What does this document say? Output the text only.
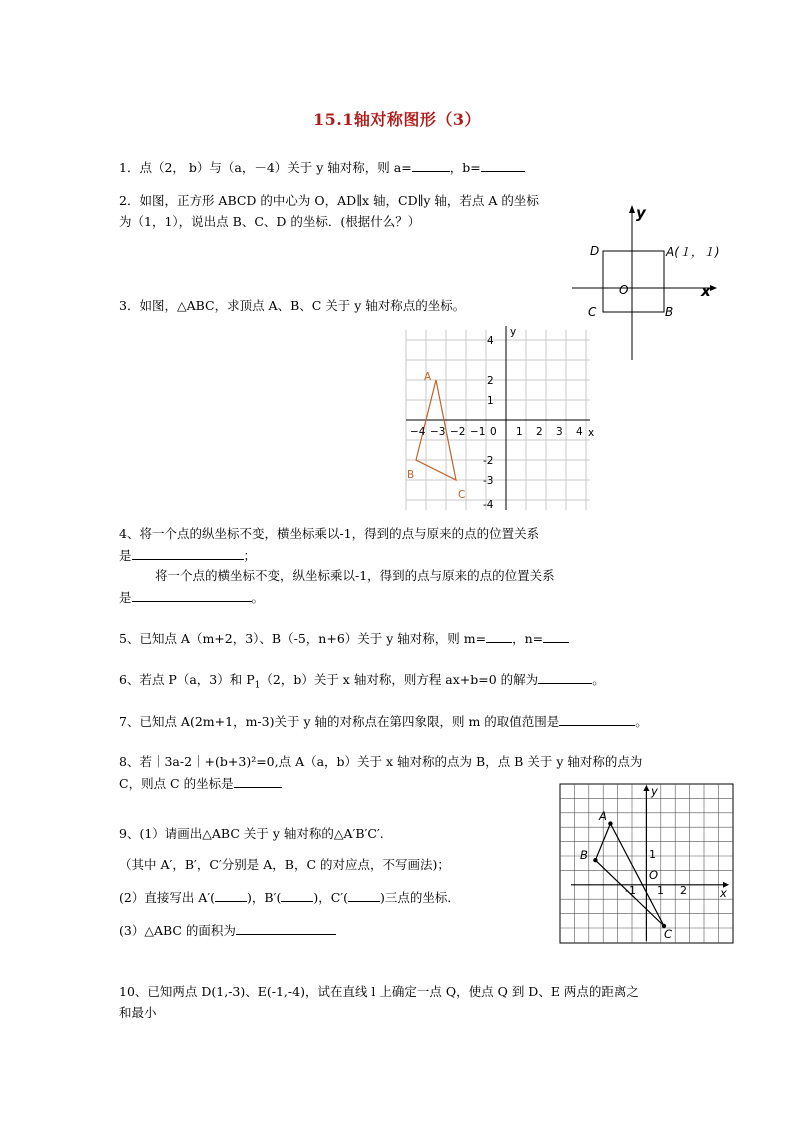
15.1轴对称图形（3）
1．点（2， b）与（a，－4）关于 y 轴对称，则 a=	，b=
2．如图，正方形 ABCD 的中心为 O，AD∥x 轴，CD∥y 轴，若点 A 的坐标
为（1，1），说出点 B、C、D 的坐标．(根据什么？）
x
y
O
A(１，１)
B
C
D
3．如图，△ABC，求顶点 A、B、C 关于 y 轴对称点的坐标。
x
y
0
−4 −3 −2 −1	1 2 3 4
4
2
1
-2
-3
-4
A
B
C
4、将一个点的纵坐标不变，横坐标乘以-1，得到的点与原来的点的位置关系
是	；
将一个点的横坐标不变，纵坐标乘以-1，得到的点与原来的点的位置关系
是	。
5、已知点 A（m+2，3）、B（-5，n+6）关于 y 轴对称，则 m= ，n=
6、若点 P（a，3）和 $P_1(2$，b）关于 x 轴对称，则方程 ax+b=0 的解为	。
7、已知点 A(2m+1，m-3)关于 y 轴的对称点在第四象限，则 m 的取值范围是	。
8、若｜3a-2｜+(b+3)²=0,点 A（a，b）关于 x 轴对称的点为 B，点 B 关于 y 轴对称的点为
C，则点 C 的坐标是
9、(1）请画出△ABC 关于 y 轴对称的△A′B′C′.
（其中 A′，B′，C′分别是 A，B，C 的对应点，不写画法)；
(2）直接写出 A′(	)，B′(	)，C′(	)三点的坐标．
(3）△ABC 的面积为
x
y
O
A
B
C
1
-1 1 2
10、已知两点 D(1,-3)、E(-1,-4)，试在直线 l 上确定一点 Q，使点 Q 到 D、E 两点的距离之
和最小
